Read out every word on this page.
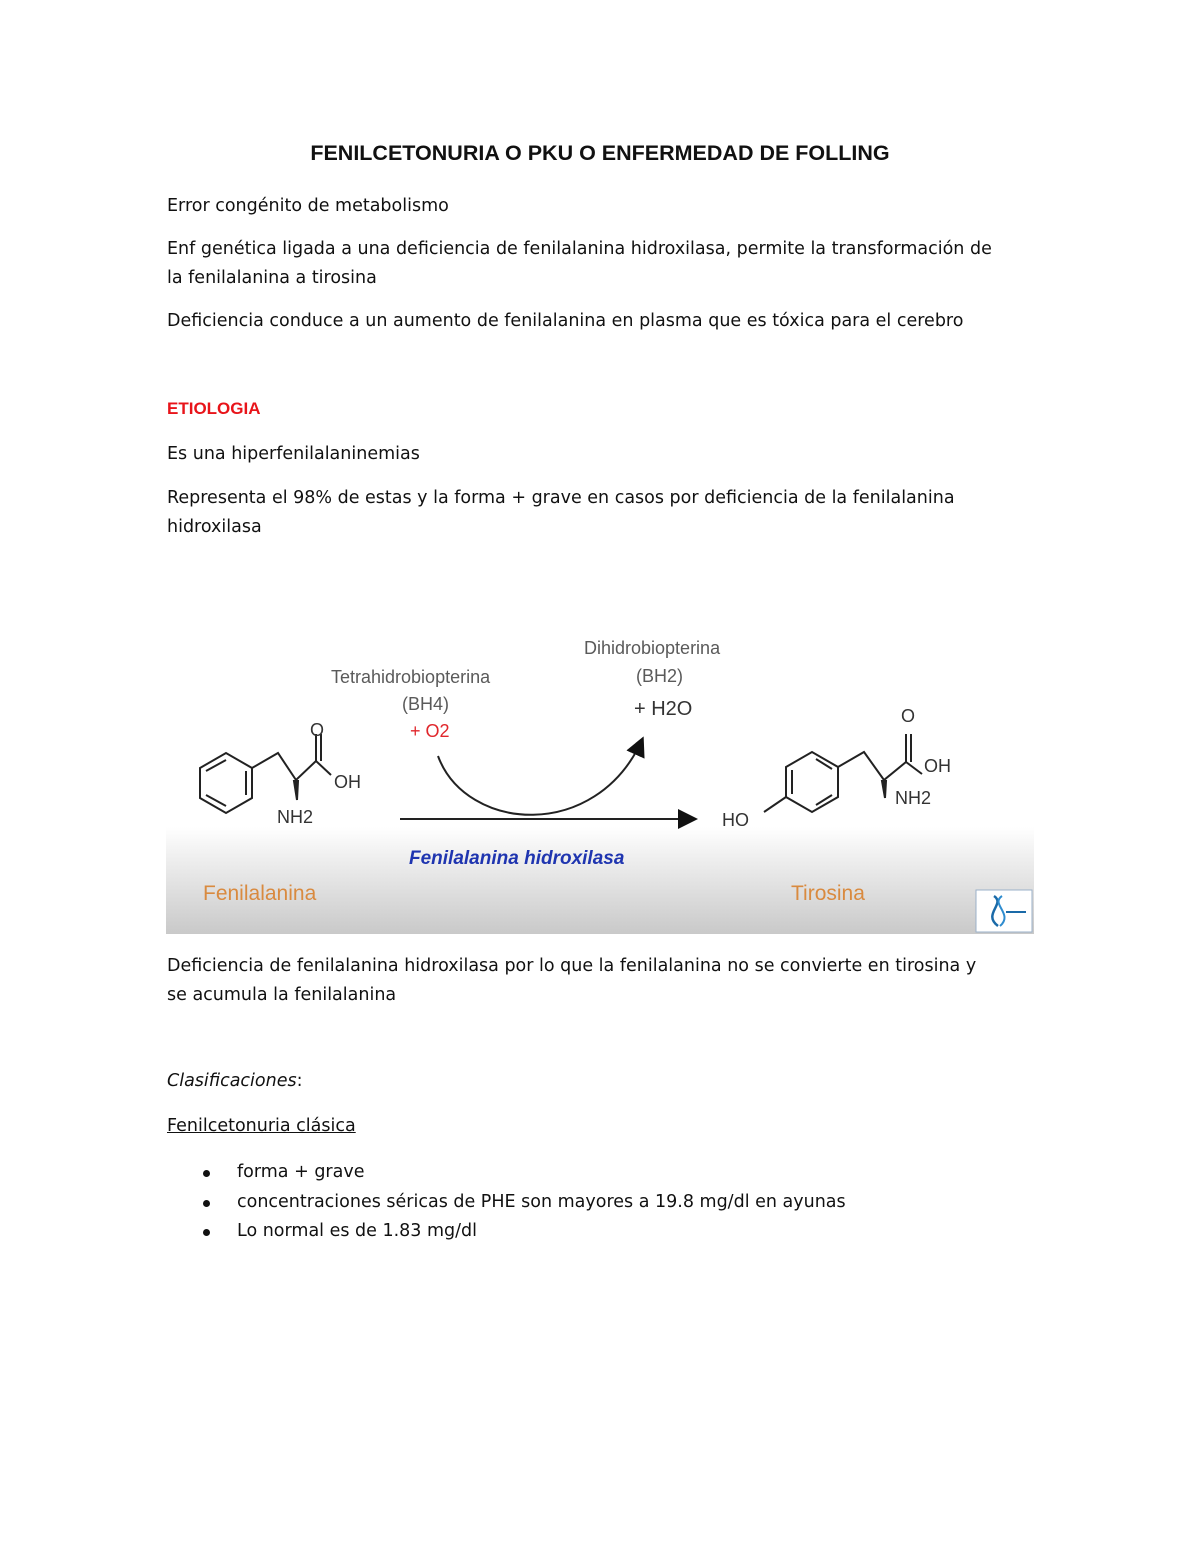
FENILCETONURIA O PKU O ENFERMEDAD DE FOLLING

Error congénito de metabolismo

Enf genética ligada a una deficiencia de fenilalanina hidroxilasa, permite la transformación de

la fenilalanina a tirosina

Deficiencia conduce a un aumento de fenilalanina en plasma que es tóxica para el cerebro

ETIOLOGIA

Es una hiperfenilalaninemias

Representa el 98% de estas y la forma + grave en casos por deficiencia de la fenilalanina

hidroxilasa

O
OH
NH2
Tetrahidrobiopterina
(BH4)
+ O2
Dihidrobiopterina
(BH2)
+ H2O
HO
O
OH
NH2
Fenilalanina hidroxilasa
Fenilalanina	Tirosina

Deficiencia de fenilalanina hidroxilasa por lo que la fenilalanina no se convierte en tirosina y

se acumula la fenilalanina

Clasificaciones:

Fenilcetonuria clásica

forma + grave
concentraciones séricas de PHE son mayores a 19.8 mg/dl en ayunas
Lo normal es de 1.83 mg/dl
